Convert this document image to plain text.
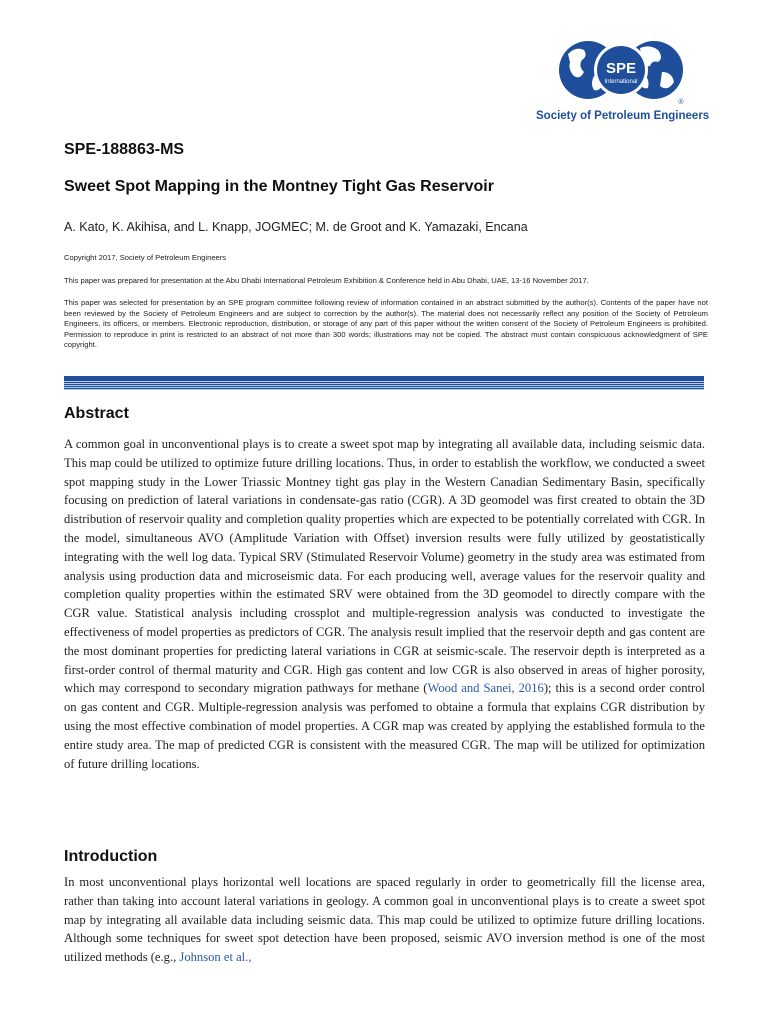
SPE
International
®
Society of Petroleum Engineers
SPE-188863-MS
Sweet Spot Mapping in the Montney Tight Gas Reservoir
A. Kato, K. Akihisa, and L. Knapp, JOGMEC; M. de Groot and K. Yamazaki, Encana
Copyright 2017, Society of Petroleum Engineers
This paper was prepared for presentation at the Abu Dhabi International Petroleum Exhibition & Conference held in Abu Dhabi, UAE, 13-16 November 2017.
This paper was selected for presentation by an SPE program committee following review of information contained in an abstract submitted by the author(s). Contents of the paper have not been reviewed by the Society of Petroleum Engineers and are subject to correction by the author(s). The material does not necessarily reflect any position of the Society of Petroleum Engineers, its officers, or members. Electronic reproduction, distribution, or storage of any part of this paper without the written consent of the Society of Petroleum Engineers is prohibited. Permission to reproduce in print is restricted to an abstract of not more than 300 words; illustrations may not be copied. The abstract must contain conspicuous acknowledgment of SPE copyright.
Abstract
A common goal in unconventional plays is to create a sweet spot map by integrating all available data, including seismic data. This map could be utilized to optimize future drilling locations. Thus, in order to establish the workflow, we conducted a sweet spot mapping study in the Lower Triassic Montney tight gas play in the Western Canadian Sedimentary Basin, specifically focusing on prediction of lateral variations in condensate-gas ratio (CGR). A 3D geomodel was first created to obtain the 3D distribution of reservoir quality and completion quality properties which are expected to be potentially correlated with CGR. In the model, simultaneous AVO (Amplitude Variation with Offset) inversion results were fully utilized by geostatistically integrating with the well log data. Typical SRV (Stimulated Reservoir Volume) geometry in the study area was estimated from analysis using production data and microseismic data. For each producing well, average values for the reservoir quality and completion quality properties within the estimated SRV were obtained from the 3D geomodel to directly compare with the CGR value. Statistical analysis including crossplot and multiple-regression analysis was conducted to investigate the effectiveness of model properties as predictors of CGR. The analysis result implied that the reservoir depth and gas content are the most dominant properties for predicting lateral variations in CGR at seismic-scale. The reservoir depth is interpreted as a first-order control of thermal maturity and CGR. High gas content and low CGR is also observed in areas of higher porosity, which may correspond to secondary migration pathways for methane (Wood and Sanei, 2016); this is a second order control on gas content and CGR. Multiple-regression analysis was perfomed to obtaine a formula that explains CGR distribution by using the most effective combination of model properties. A CGR map was created by applying the established formula to the entire study area. The map of predicted CGR is consistent with the measured CGR. The map will be utilized for optimization of future drilling locations.
Introduction
In most unconventional plays horizontal well locations are spaced regularly in order to geometrically fill the license area, rather than taking into account lateral variations in geology. A common goal in unconventional plays is to create a sweet spot map by integrating all available data including seismic data. This map could be utilized to optimize future drilling locations. Although some techniques for sweet spot detection have been proposed, seismic AVO inversion method is one of the most utilized methods (e.g., Johnson et al.,
